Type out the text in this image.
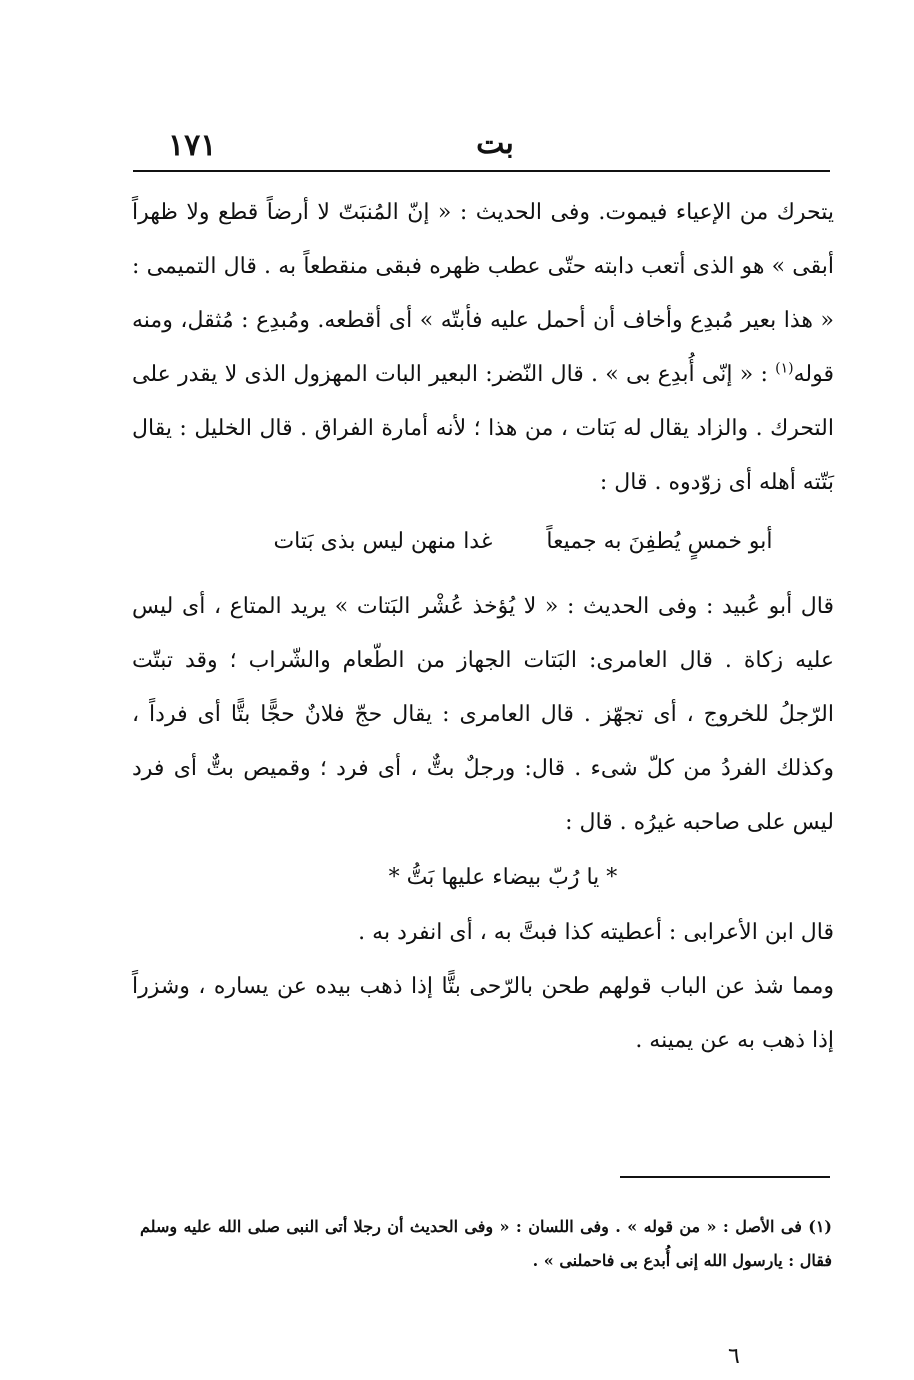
١٧١	بت

يتحرك من الإعياء فيموت. وفى الحديث : « إنّ المُنبَتّ لا أرضاً قطع ولا ظهراً أبقى » هو الذى أتعب دابته حتّى عطب ظهره فبقى منقطعاً به . قال التميمى : « هذا بعير مُبدِع وأخاف أن أحمل عليه فأبتّه » أى أقطعه. ومُبدِع : مُثقل، ومنه قوله$^{(١)}$ : « إنّى أُبدِع بى » . قال النّضر: البعير البات المهزول الذى لا يقدر على التحرك . والزاد يقال له بَتات ، من هذا ؛ لأنه أمارة الفراق . قال الخليل : يقال بَتّته أهله أى زوّدوه . قال :

أبو خمسٍ يُطفِنَ به جميعاً
غدا منهن ليس بذى بَتات

قال أبو عُبيد : وفى الحديث : « لا يُؤخذ عُشْر البَتات » يريد المتاع ، أى ليس عليه زكاة . قال العامرى: البَتات الجهاز من الطّعام والشّراب ؛ وقد تبتّت الرّجلُ للخروج ، أى تجهّز . قال العامرى : يقال حجّ فلانٌ حجًّا بتًّا أى فرداً ، وكذلك الفردُ من كلّ شىء . قال: ورجلٌ بتٌّ ، أى فرد ؛ وقميص بتٌّ أى فرد ليس على صاحبه غيرُه . قال :

* يا رُبّ بيضاء عليها بَتُّ *

قال ابن الأعرابى : أعطيته كذا فبتَّ به ، أى انفرد به .

ومما شذ عن الباب قولهم طحن بالرّحى بتًّا إذا ذهب بيده عن يساره ، وشزراً إذا ذهب به عن يمينه .

(١) فى الأصل : « من قوله » . وفى اللسان : « وفى الحديث أن رجلا أتى النبى صلى الله عليه وسلم فقال : يارسول الله إنى أُبدع بى فاحملنى » .

٦
